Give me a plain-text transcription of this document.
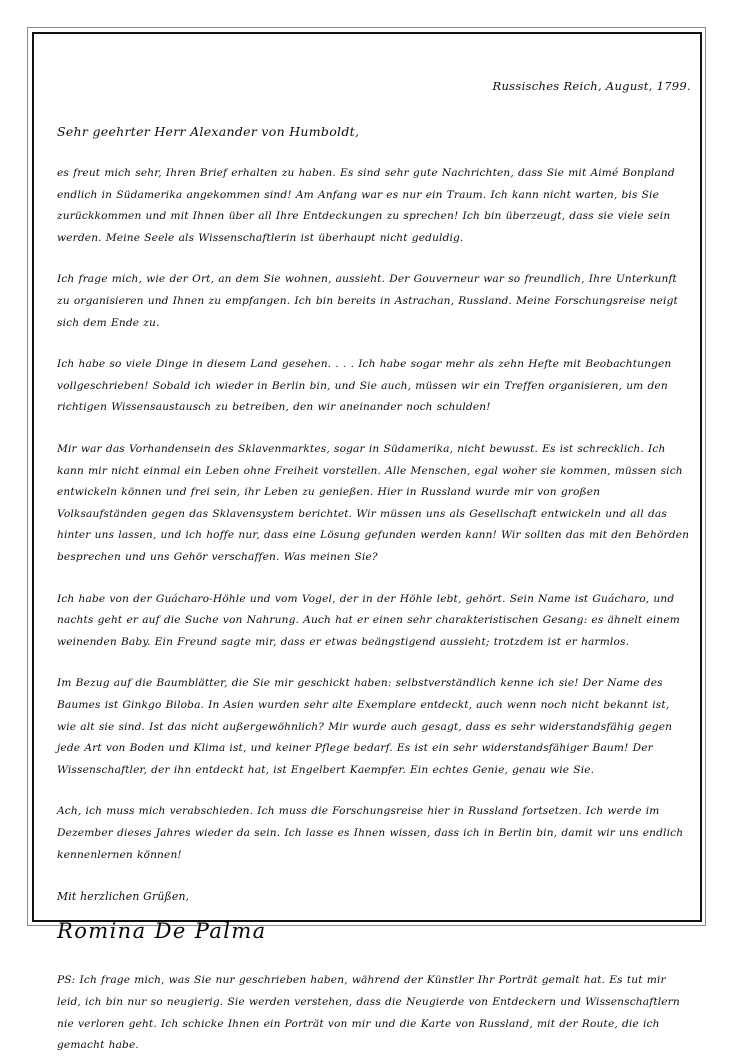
Russisches Reich, August, 1799.

Sehr geehrter Herr Alexander von Humboldt,

es freut mich sehr, Ihren Brief erhalten zu haben. Es sind sehr gute Nachrichten, dass Sie mit Aimé Bonpland endlich in Südamerika angekommen sind! Am Anfang war es nur ein Traum. Ich kann nicht warten, bis Sie zurückkommen und mit Ihnen über all Ihre Entdeckungen zu sprechen! Ich bin überzeugt, dass sie viele sein werden. Meine Seele als Wissenschaftlerin ist überhaupt nicht geduldig.

Ich frage mich, wie der Ort, an dem Sie wohnen, aussieht. Der Gouverneur war so freundlich, Ihre Unterkunft zu organisieren und Ihnen zu empfangen. Ich bin bereits in Astrachan, Russland. Meine Forschungsreise neigt sich dem Ende zu.

Ich habe so viele Dinge in diesem Land gesehen. . . . Ich habe sogar mehr als zehn Hefte mit Beobachtungen vollgeschrieben! Sobald ich wieder in Berlin bin, und Sie auch, müssen wir ein Treffen organisieren, um den richtigen Wissensaustausch zu betreiben, den wir aneinander noch schulden!

Mir war das Vorhandensein des Sklavenmarktes, sogar in Südamerika, nicht bewusst. Es ist schrecklich. Ich kann mir nicht einmal ein Leben ohne Freiheit vorstellen. Alle Menschen, egal woher sie kommen, müssen sich entwickeln können und frei sein, ihr Leben zu genießen. Hier in Russland wurde mir von großen Volksaufständen gegen das Sklavensystem berichtet. Wir müssen uns als Gesellschaft entwickeln und all das hinter uns lassen, und ich hoffe nur, dass eine Lösung gefunden werden kann! Wir sollten das mit den Behörden besprechen und uns Gehör verschaffen. Was meinen Sie?

Ich habe von der Guácharo-Höhle und vom Vogel, der in der Höhle lebt, gehört. Sein Name ist Guácharo, und nachts geht er auf die Suche von Nahrung. Auch hat er einen sehr charakteristischen Gesang: es ähnelt einem weinenden Baby. Ein Freund sagte mir, dass er etwas beängstigend aussieht; trotzdem ist er harmlos.

Im Bezug auf die Baumblätter, die Sie mir geschickt haben: selbstverständlich kenne ich sie! Der Name des Baumes ist Ginkgo Biloba. In Asien wurden sehr alte Exemplare entdeckt, auch wenn noch nicht bekannt ist, wie alt sie sind. Ist das nicht außergewöhnlich? Mir wurde auch gesagt, dass es sehr widerstandsfähig gegen jede Art von Boden und Klima ist, und keiner Pflege bedarf. Es ist ein sehr widerstandsfähiger Baum! Der Wissenschaftler, der ihn entdeckt hat, ist Engelbert Kaempfer. Ein echtes Genie, genau wie Sie.

Ach, ich muss mich verabschieden. Ich muss die Forschungsreise hier in Russland fortsetzen. Ich werde im Dezember dieses Jahres wieder da sein. Ich lasse es Ihnen wissen, dass ich in Berlin bin, damit wir uns endlich kennenlernen können!

Mit herzlichen Grüßen,

Romina De Palma

PS: Ich frage mich, was Sie nur geschrieben haben, während der Künstler Ihr Porträt gemalt hat. Es tut mir leid, ich bin nur so neugierig. Sie werden verstehen, dass die Neugierde von Entdeckern und Wissenschaftlern nie verloren geht. Ich schicke Ihnen ein Porträt von mir und die Karte von Russland, mit der Route, die ich gemacht habe.
